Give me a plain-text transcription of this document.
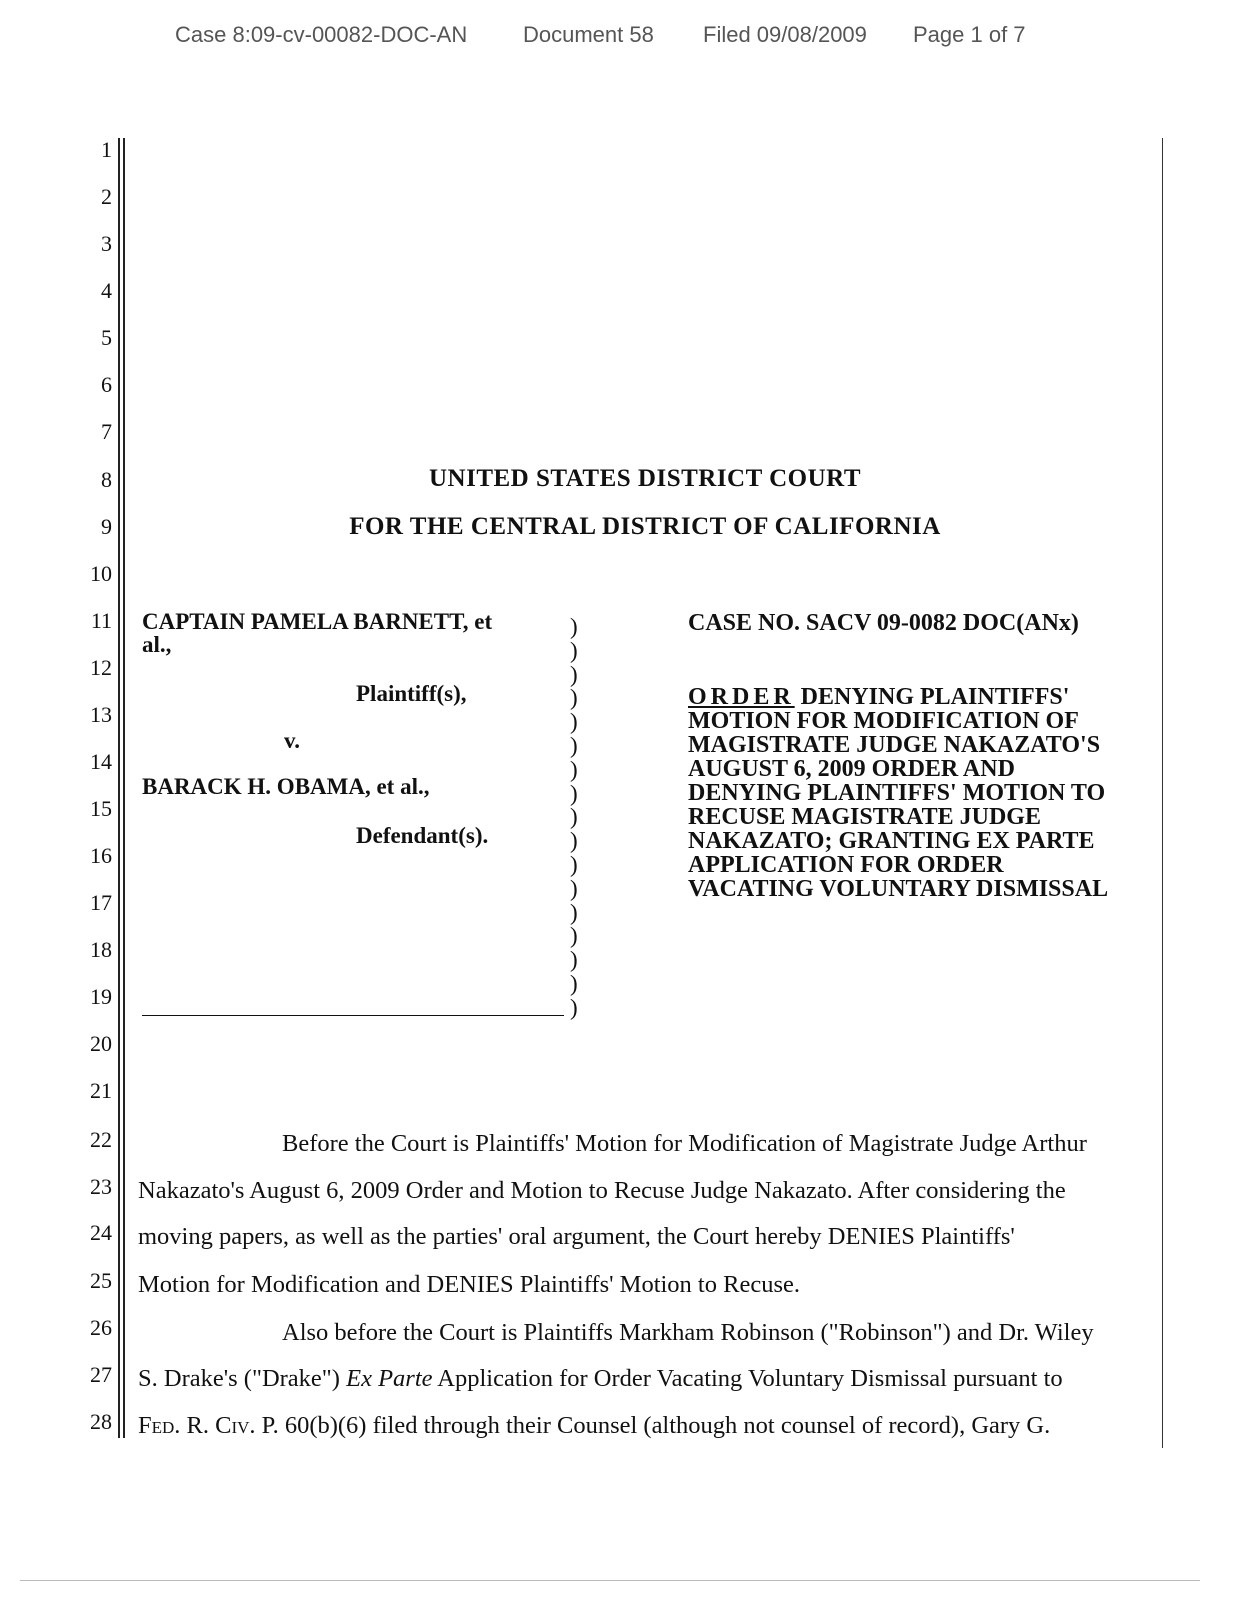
Case 8:09-cv-00082-DOC-AN	Document 58 Filed 09/08/2009 Page 1 of 7
1
2
3
4
5
6
7
8
9
10
11
12
13
14
15
16
17
18
19
20
21
22
23
24
25
26
27
28
UNITED STATES DISTRICT COURT
FOR THE CENTRAL DISTRICT OF CALIFORNIA
CAPTAIN PAMELA BARNETT, et
al.,
Plaintiff(s),
v.
BARACK H. OBAMA, et al.,
Defendant(s).
)
)
)
)
)
)
)
)
)
)
)
)
)
)
)
)
)
CASE NO. SACV 09-0082 DOC(ANx)
ORDER DENYING PLAINTIFFS' MOTION FOR MODIFICATION OF MAGISTRATE JUDGE NAKAZATO'S AUGUST 6, 2009 ORDER AND DENYING PLAINTIFFS' MOTION TO RECUSE MAGISTRATE JUDGE NAKAZATO; GRANTING EX PARTE APPLICATION FOR ORDER VACATING VOLUNTARY DISMISSAL
Before the Court is Plaintiffs' Motion for Modification of Magistrate Judge Arthur
Nakazato's August 6, 2009 Order and Motion to Recuse Judge Nakazato. After considering the
moving papers, as well as the parties' oral argument, the Court hereby DENIES Plaintiffs'
Motion for Modification and DENIES Plaintiffs' Motion to Recuse.
Also before the Court is Plaintiffs Markham Robinson ("Robinson") and Dr. Wiley
S. Drake's ("Drake") Ex Parte Application for Order Vacating Voluntary Dismissal pursuant to
Fed. R. Civ. P. 60(b)(6) filed through their Counsel (although not counsel of record), Gary G.
